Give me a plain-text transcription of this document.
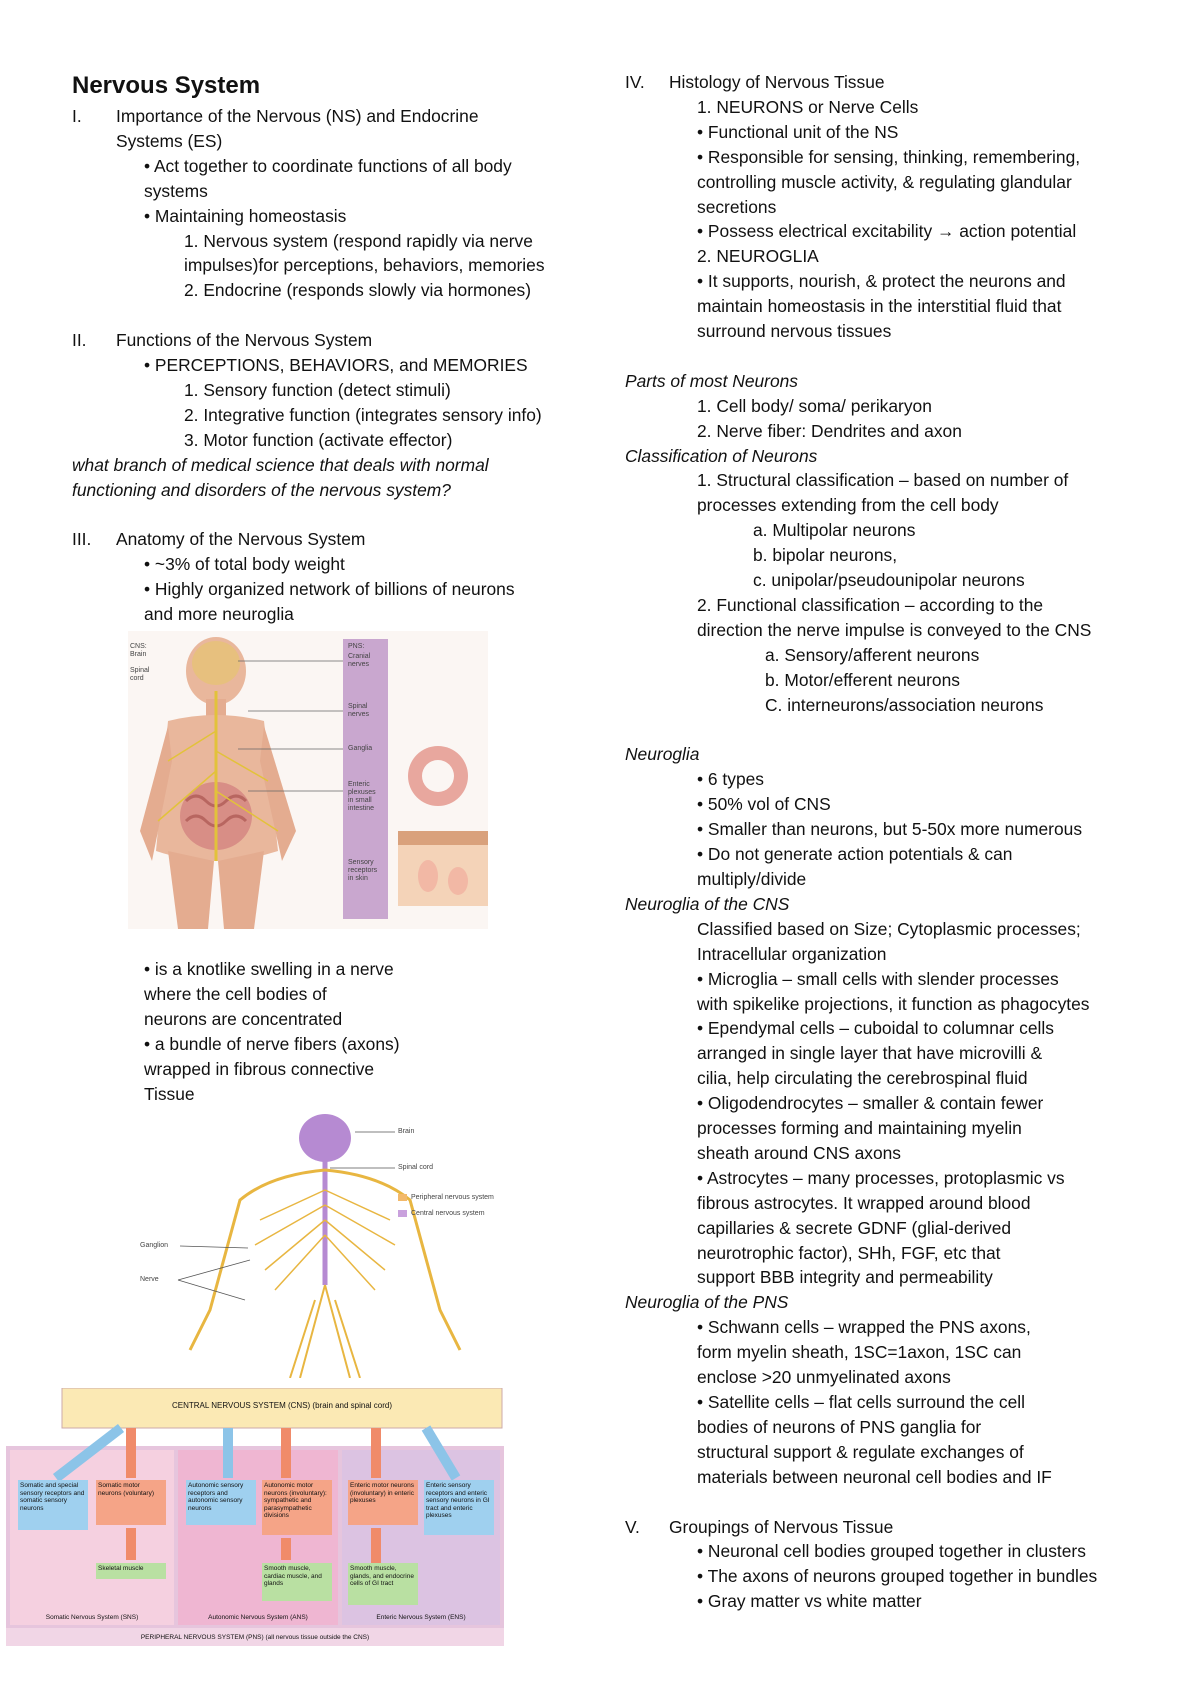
Nervous System
I.	Importance of the Nervous (NS) and Endocrine
Systems (ES)
• Act together to coordinate functions of all body
systems
• Maintaining homeostasis
1. Nervous system (respond rapidly via nerve
impulses)for perceptions, behaviors, memories
2. Endocrine (responds slowly via hormones)
II.	Functions of the Nervous System
• PERCEPTIONS, BEHAVIORS, and MEMORIES
1. Sensory function (detect stimuli)
2. Integrative function (integrates sensory info)
3. Motor function (activate effector)
what branch of medical science that deals with normal
functioning and disorders of the nervous system?
III.	Anatomy of the Nervous System
• ~3% of total body weight
• Highly organized network of billions of neurons
and more neuroglia
CNS:
Brain
Spinal
cord
PNS:
Cranial
nerves
Spinal
nerves
Ganglia
Enteric
plexuses
in small
intestine
Sensory
receptors
in skin
• is a knotlike swelling in a nerve
where the cell bodies of
neurons are concentrated
• a bundle of nerve fibers (axons)
wrapped in fibrous connective
Tissue
Brain
Spinal cord
Peripheral nervous system
Central nervous system
Ganglion
Nerve
CENTRAL NERVOUS SYSTEM (CNS) (brain and spinal cord)
Somatic and special sensory receptors and somatic sensory neurons
Somatic motor neurons (voluntary)
Skeletal muscle
Autonomic sensory receptors and autonomic sensory neurons
Autonomic motor neurons (involuntary): sympathetic and parasympathetic divisions
Smooth muscle, cardiac muscle, and glands
Enteric motor neurons (involuntary) in enteric plexuses
Enteric sensory receptors and enteric sensory neurons in GI tract and enteric plexuses
Smooth muscle, glands, and endocrine cells of GI tract
Somatic Nervous System (SNS)	Autonomic Nervous System (ANS)	Enteric Nervous System (ENS)
PERIPHERAL NERVOUS SYSTEM (PNS) (all nervous tissue outside the CNS)
IV.	Histology of Nervous Tissue
1. NEURONS or Nerve Cells
• Functional unit of the NS
• Responsible for sensing, thinking, remembering,
controlling muscle activity, & regulating glandular
secretions
• Possess electrical excitability → action potential
2. NEUROGLIA
• It supports, nourish, & protect the neurons and
maintain homeostasis in the interstitial fluid that
surround nervous tissues
Parts of most Neurons
1. Cell body/ soma/ perikaryon
2. Nerve fiber: Dendrites and axon
Classification of Neurons
1. Structural classification – based on number of
processes extending from the cell body
a. Multipolar neurons
b. bipolar neurons,
c. unipolar/pseudounipolar neurons
2. Functional classification – according to the
direction the nerve impulse is conveyed to the CNS
a. Sensory/afferent neurons
b. Motor/efferent neurons
C. interneurons/association neurons
Neuroglia
• 6 types
• 50% vol of CNS
• Smaller than neurons, but 5-50x more numerous
• Do not generate action potentials & can
multiply/divide
Neuroglia of the CNS
Classified based on Size; Cytoplasmic processes;
Intracellular organization
• Microglia – small cells with slender processes
with spikelike projections, it function as phagocytes
• Ependymal cells – cuboidal to columnar cells
arranged in single layer that have microvilli &
cilia, help circulating the cerebrospinal fluid
• Oligodendrocytes – smaller & contain fewer
processes forming and maintaining myelin
sheath around CNS axons
• Astrocytes – many processes, protoplasmic vs
fibrous astrocytes. It wrapped around blood
capillaries & secrete GDNF (glial-derived
neurotrophic factor), SHh, FGF, etc that
support BBB integrity and permeability
Neuroglia of the PNS
• Schwann cells – wrapped the PNS axons,
form myelin sheath, 1SC=1axon, 1SC can
enclose >20 unmyelinated axons
• Satellite cells – flat cells surround the cell
bodies of neurons of PNS ganglia for
structural support & regulate exchanges of
materials between neuronal cell bodies and IF
V.	Groupings of Nervous Tissue
• Neuronal cell bodies grouped together in clusters
• The axons of neurons grouped together in bundles
• Gray matter vs white matter
